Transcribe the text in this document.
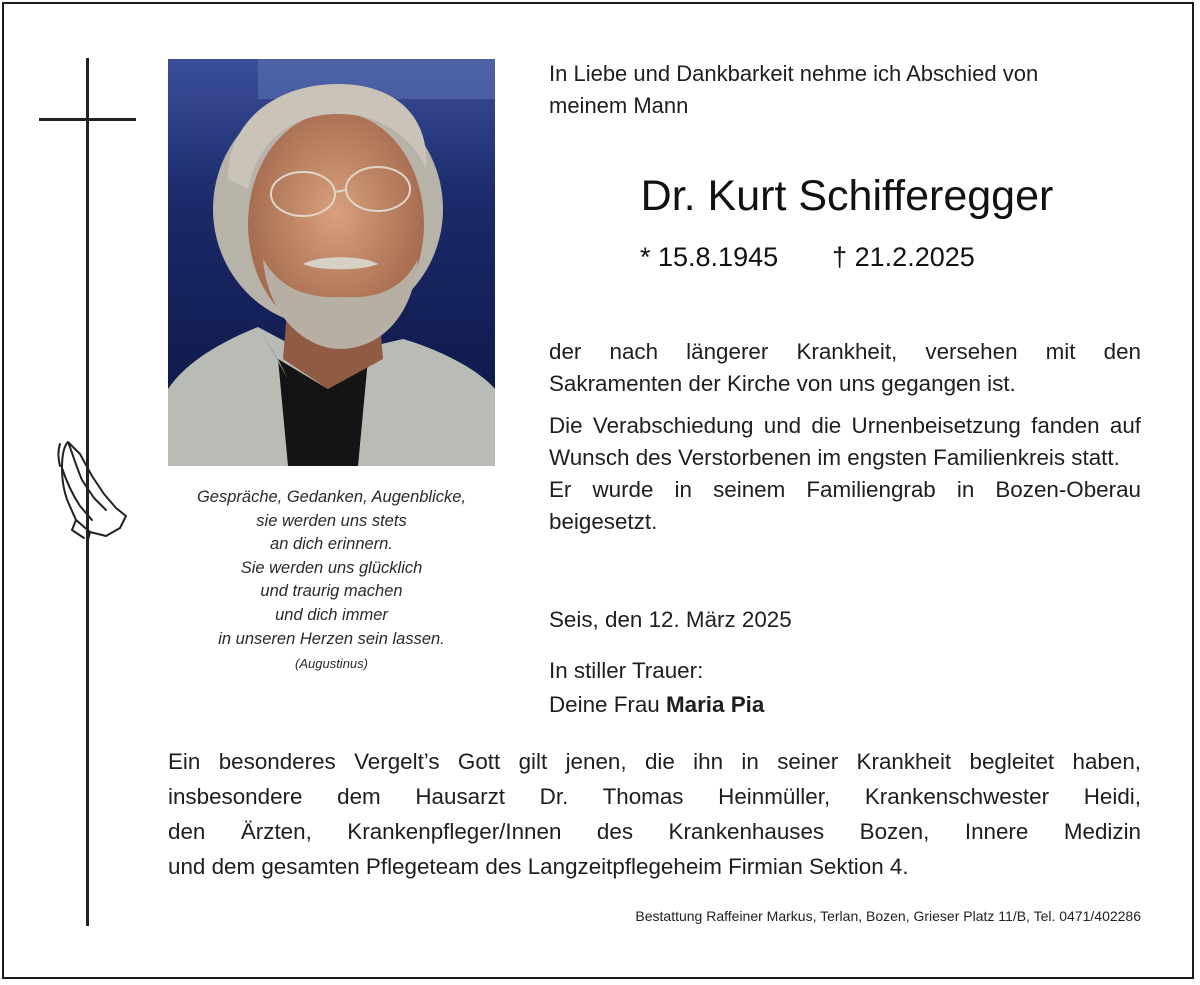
Gespräche, Gedanken, Augenblicke,
sie werden uns stets
an dich erinnern.
Sie werden uns glücklich
und traurig machen
und dich immer
in unseren Herzen sein lassen.
(Augustinus)
In Liebe und Dankbarkeit nehme ich Abschied von
meinem Mann
Dr. Kurt Schifferegger
* 15.8.1945 † 21.2.2025

der nach längerer Krankheit, versehen mit den Sakramenten der Kirche von uns gegangen ist.

Die Verabschiedung und die Urnenbeisetzung fanden auf Wunsch des Verstorbenen im engsten Familienkreis statt.

Er wurde in seinem Familiengrab in Bozen-Oberau beigesetzt.

Seis, den 12. März 2025
In stiller Trauer:
Deine Frau Maria Pia
Ein besonderes Vergelt’s Gott gilt jenen, die ihn in seiner Krankheit begleitet haben,
insbesondere dem Hausarzt Dr. Thomas Heinmüller, Krankenschwester Heidi,
den Ärzten, Krankenpfleger/Innen des Krankenhauses Bozen, Innere Medizin
und dem gesamten Pflegeteam des Langzeitpflegeheim Firmian Sektion 4.
Bestattung Raffeiner Markus, Terlan, Bozen, Grieser Platz 11/B, Tel. 0471/402286
